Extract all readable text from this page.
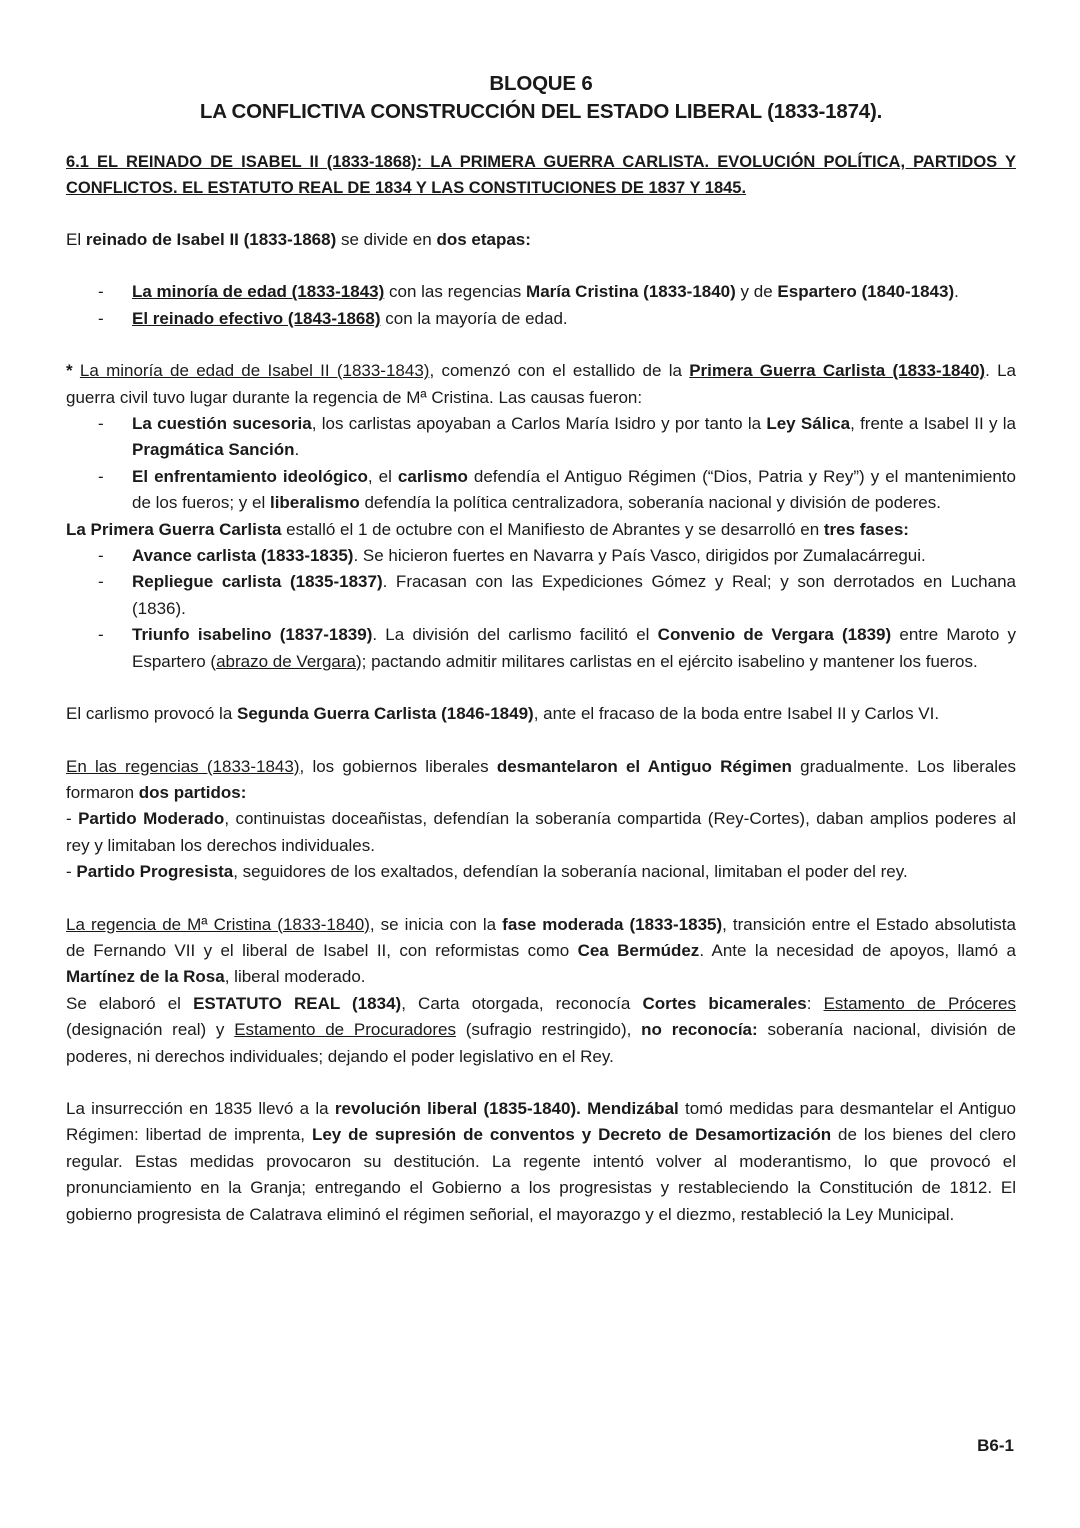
BLOQUE 6

LA CONFLICTIVA CONSTRUCCIÓN DEL ESTADO LIBERAL (1833-1874).

6.1 EL REINADO DE ISABEL II (1833-1868): LA PRIMERA GUERRA CARLISTA. EVOLUCIÓN POLÍTICA, PARTIDOS Y CONFLICTOS. EL ESTATUTO REAL DE 1834 Y LAS CONSTITUCIONES DE 1837 Y 1845.

El reinado de Isabel II (1833-1868) se divide en dos etapas:

- La minoría de edad (1833-1843) con las regencias María Cristina (1833-1840) y de Espartero (1840-1843).
- El reinado efectivo (1843-1868) con la mayoría de edad.

* La minoría de edad de Isabel II (1833-1843), comenzó con el estallido de la Primera Guerra Carlista (1833-1840). La guerra civil tuvo lugar durante la regencia de Mª Cristina. Las causas fueron:

- La cuestión sucesoria, los carlistas apoyaban a Carlos María Isidro y por tanto la Ley Sálica, frente a Isabel II y la Pragmática Sanción.
- El enfrentamiento ideológico, el carlismo defendía el Antiguo Régimen (“Dios, Patria y Rey”) y el mantenimiento de los fueros; y el liberalismo defendía la política centralizadora, soberanía nacional y división de poderes.

La Primera Guerra Carlista estalló el 1 de octubre con el Manifiesto de Abrantes y se desarrolló en tres fases:

- Avance carlista (1833-1835). Se hicieron fuertes en Navarra y País Vasco, dirigidos por Zumalacárregui.
- Repliegue carlista (1835-1837). Fracasan con las Expediciones Gómez y Real; y son derrotados en Luchana (1836).
- Triunfo isabelino (1837-1839). La división del carlismo facilitó el Convenio de Vergara (1839) entre Maroto y Espartero (abrazo de Vergara); pactando admitir militares carlistas en el ejército isabelino y mantener los fueros.

El carlismo provocó la Segunda Guerra Carlista (1846-1849), ante el fracaso de la boda entre Isabel II y Carlos VI.

En las regencias (1833-1843), los gobiernos liberales desmantelaron el Antiguo Régimen gradualmente. Los liberales formaron dos partidos:

- Partido Moderado, continuistas doceañistas, defendían la soberanía compartida (Rey-Cortes), daban amplios poderes al rey y limitaban los derechos individuales.

- Partido Progresista, seguidores de los exaltados, defendían la soberanía nacional, limitaban el poder del rey.

La regencia de Mª Cristina (1833-1840), se inicia con la fase moderada (1833-1835), transición entre el Estado absolutista de Fernando VII y el liberal de Isabel II, con reformistas como Cea Bermúdez. Ante la necesidad de apoyos, llamó a Martínez de la Rosa, liberal moderado.

Se elaboró el ESTATUTO REAL (1834), Carta otorgada, reconocía Cortes bicamerales: Estamento de Próceres (designación real) y Estamento de Procuradores (sufragio restringido), no reconocía: soberanía nacional, división de poderes, ni derechos individuales; dejando el poder legislativo en el Rey.

La insurrección en 1835 llevó a la revolución liberal (1835-1840). Mendizábal tomó medidas para desmantelar el Antiguo Régimen: libertad de imprenta, Ley de supresión de conventos y Decreto de Desamortización de los bienes del clero regular. Estas medidas provocaron su destitución. La regente intentó volver al moderantismo, lo que provocó el pronunciamiento en la Granja; entregando el Gobierno a los progresistas y restableciendo la Constitución de 1812. El gobierno progresista de Calatrava eliminó el régimen señorial, el mayorazgo y el diezmo, restableció la Ley Municipal.

B6-1
